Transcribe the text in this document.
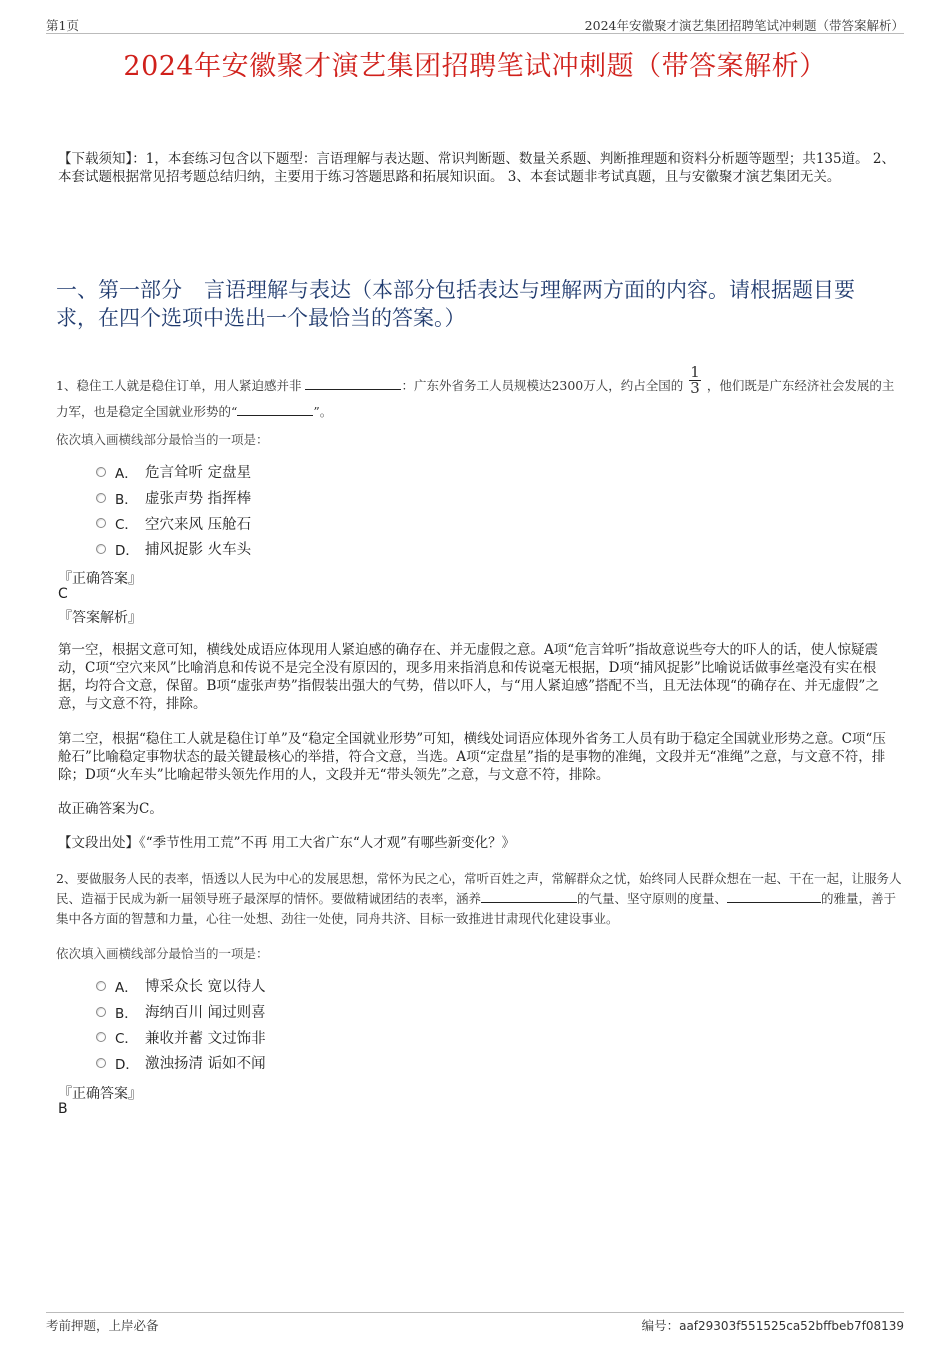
第1页	2024年安徽聚才演艺集团招聘笔试冲刺题（带答案解析）
2024年安徽聚才演艺集团招聘笔试冲刺题（带答案解析）
【下载须知】：1，本套练习包含以下题型：言语理解与表达题、常识判断题、数量关系题、判断推理题和资料分析题等题型；共135道。 2、本套试题根据常见招考题总结归纳，主要用于练习答题思路和拓展知识面。 3、本套试题非考试真题，且与安徽聚才演艺集团无关。
一、第一部分 言语理解与表达（本部分包括表达与理解两方面的内容。请根据题目要求，在四个选项中选出一个最恰当的答案。）
1、稳住工人就是稳住订单，用人紧迫感并非	：广东外省务工人员规模达2300万人，约占全国的 $\frac{1}{3}$ ，他们既是广东经济社会发展的主力军，也是稳定全国就业形势的“	”。
依次填入画横线部分最恰当的一项是：
A． 危言耸听 定盘星
B． 虚张声势 指挥棒
C． 空穴来风 压舱石
D． 捕风捉影 火车头
『正确答案』
C
『答案解析』
第一空，根据文意可知，横线处成语应体现用人紧迫感的确存在、并无虚假之意。A项“危言耸听”指故意说些夸大的吓人的话，使人惊疑震动，C项“空穴来风”比喻消息和传说不是完全没有原因的，现多用来指消息和传说毫无根据，D项“捕风捉影”比喻说话做事丝毫没有实在根据，均符合文意，保留。B项“虚张声势”指假装出强大的气势，借以吓人，与“用人紧迫感”搭配不当，且无法体现“的确存在、并无虚假”之意，与文意不符，排除。
第二空，根据“稳住工人就是稳住订单”及“稳定全国就业形势”可知，横线处词语应体现外省务工人员有助于稳定全国就业形势之意。C项“压舱石”比喻稳定事物状态的最关键最核心的举措，符合文意，当选。A项“定盘星”指的是事物的准绳，文段并无“准绳”之意，与文意不符，排除；D项“火车头”比喻起带头领先作用的人，文段并无“带头领先”之意，与文意不符，排除。
故正确答案为C。
【文段出处】《“季节性用工荒”不再 用工大省广东“人才观”有哪些新变化？》
2、要做服务人民的表率，悟透以人民为中心的发展思想，常怀为民之心，常听百姓之声，常解群众之忧，始终同人民群众想在一起、干在一起，让服务人民、造福于民成为新一届领导班子最深厚的情怀。要做精诚团结的表率，涵养	的气量、坚守原则的度量、	的雅量，善于集中各方面的智慧和力量，心往一处想、劲往一处使，同舟共济、目标一致推进甘肃现代化建设事业。
依次填入画横线部分最恰当的一项是：
A． 博采众长 宽以待人
B． 海纳百川 闻过则喜
C． 兼收并蓄 文过饰非
D． 激浊扬清 诟如不闻
『正确答案』
B
考前押题，上岸必备	编号：aaf29303f551525ca52bffbeb7f08139
